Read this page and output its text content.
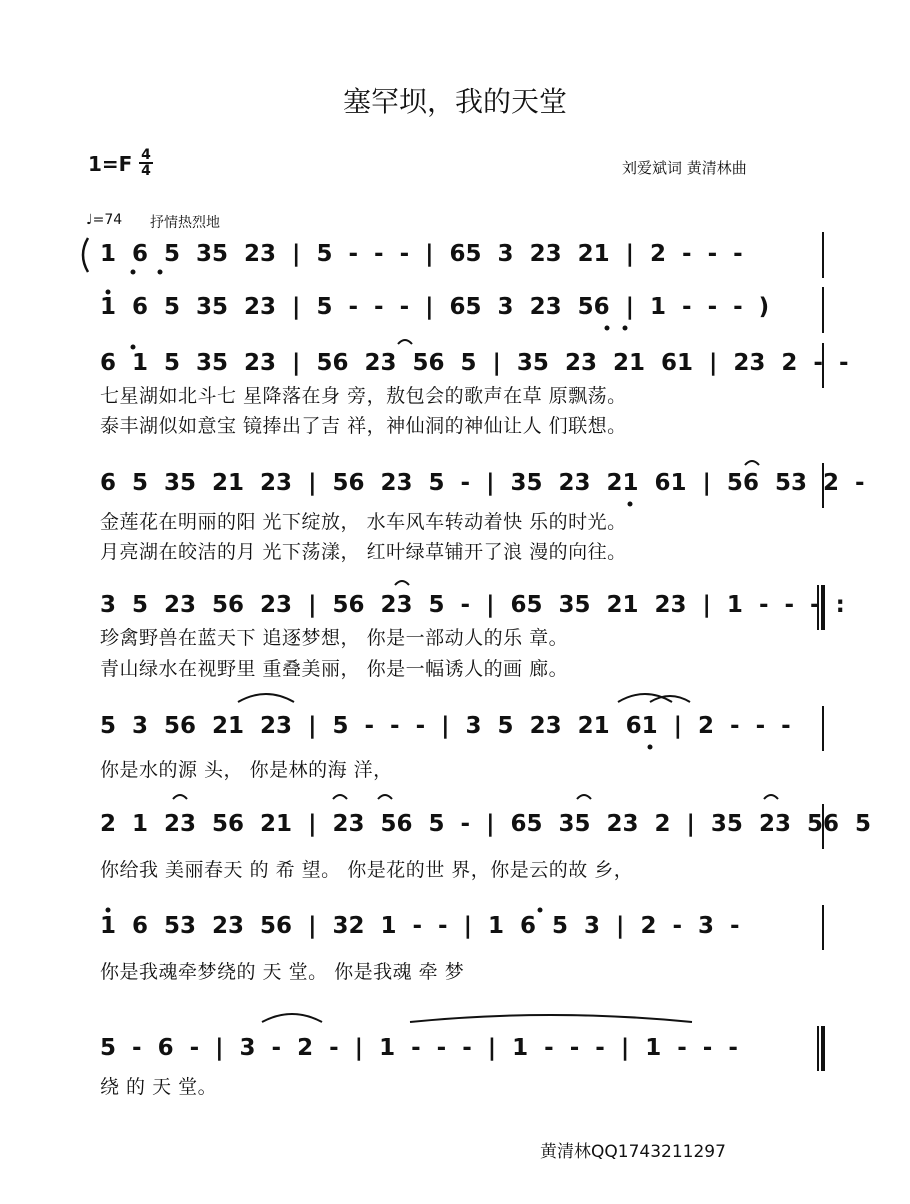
塞罕坝，我的天堂
1=F 4
4	刘爱斌词 黄清林曲
♩=74 抒情热烈地
1 6 5 35 23 | 5 - - - | 65 3 23 21 | 2 - - -
1 6 5 35 23 | 5 - - - | 65 3 23 56 | 1 - - - )
6 1 5 35 23 | 56 23 56 5 | 35 23 21 61 | 23 2 - -
七星湖如北斗七 星降落在身 旁，敖包会的歌声在草 原飘荡。
泰丰湖似如意宝 镜捧出了吉 祥，神仙洞的神仙让人 们联想。
6 5 35 21 23 | 56 23 5 - | 35 23 21 61 | 56 53 2 -
金莲花在明丽的阳 光下绽放， 水车风车转动着快 乐的时光。
月亮湖在皎洁的月 光下荡漾， 红叶绿草铺开了浪 漫的向往。
3 5 23 56 23 | 56 23 5 - | 65 35 21 23 | 1 - - - :
珍禽野兽在蓝天下 追逐梦想， 你是一部动人的乐 章。
青山绿水在视野里 重叠美丽， 你是一幅诱人的画 廊。
5 3 56 21 23 | 5 - - - | 3 5 23 21 61 | 2 - - -
你是水的源 头， 你是林的海 洋，
2 1 23 56 21 | 23 56 5 - | 65 35 23 2 | 35 23 56 5
你给我 美丽春天 的 希 望。 你是花的世 界，你是云的故 乡，
1 6 53 23 56 | 32 1 - - | 1 6 5 3 | 2 - 3 -
你是我魂牵梦绕的 天 堂。 你是我魂 牵 梦
5 - 6 - | 3 - 2 - | 1 - - - | 1 - - - | 1 - - -
绕 的 天 堂。
黄清林QQ1743211297
